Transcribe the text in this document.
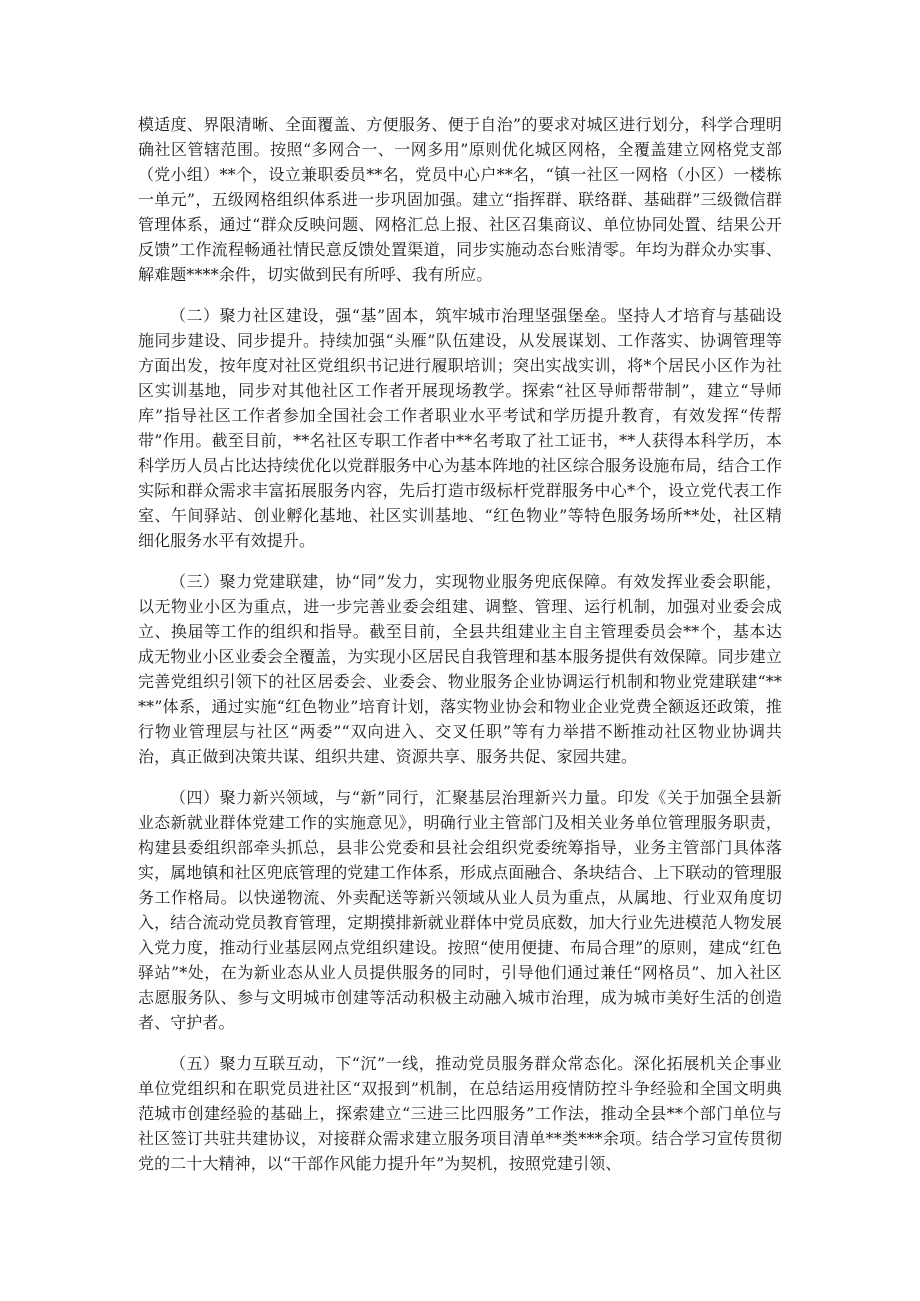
模适度、界限清晰、全面覆盖、方便服务、便于自治”的要求对城区进行划分，科学合理明确社区管辖范围。按照“多网合一、一网多用”原则优化城区网格，全覆盖建立网格党支部（党小组）**个，设立兼职委员**名，党员中心户**名，“镇一社区一网格（小区）一楼栋一单元”，五级网格组织体系进一步巩固加强。建立“指挥群、联络群、基础群”三级微信群管理体系，通过“群众反映问题、网格汇总上报、社区召集商议、单位协同处置、结果公开反馈”工作流程畅通社情民意反馈处置渠道，同步实施动态台账清零。年均为群众办实事、解难题****余件，切实做到民有所呼、我有所应。

（二）聚力社区建设，强“基”固本，筑牢城市治理坚强堡垒。坚持人才培育与基础设施同步建设、同步提升。持续加强“头雁”队伍建设，从发展谋划、工作落实、协调管理等方面出发，按年度对社区党组织书记进行履职培训；突出实战实训，将*个居民小区作为社区实训基地，同步对其他社区工作者开展现场教学。探索“社区导师帮带制”，建立“导师库”指导社区工作者参加全国社会工作者职业水平考试和学历提升教育，有效发挥“传帮带”作用。截至目前，**名社区专职工作者中**名考取了社工证书，**人获得本科学历，本科学历人员占比达持续优化以党群服务中心为基本阵地的社区综合服务设施布局，结合工作实际和群众需求丰富拓展服务内容，先后打造市级标杆党群服务中心*个，设立党代表工作室、午间驿站、创业孵化基地、社区实训基地、“红色物业”等特色服务场所**处，社区精细化服务水平有效提升。

（三）聚力党建联建，协“同”发力，实现物业服务兜底保障。有效发挥业委会职能，以无物业小区为重点，进一步完善业委会组建、调整、管理、运行机制，加强对业委会成立、换届等工作的组织和指导。截至目前，全县共组建业主自主管理委员会**个，基本达成无物业小区业委会全覆盖，为实现小区居民自我管理和基本服务提供有效保障。同步建立完善党组织引领下的社区居委会、业委会、物业服务企业协调运行机制和物业党建联建“****”体系，通过实施“红色物业”培育计划，落实物业协会和物业企业党费全额返还政策，推行物业管理层与社区“两委”“双向进入、交叉任职”等有力举措不断推动社区物业协调共治，真正做到决策共谋、组织共建、资源共享、服务共促、家园共建。

（四）聚力新兴领域，与“新”同行，汇聚基层治理新兴力量。印发《关于加强全县新业态新就业群体党建工作的实施意见》，明确行业主管部门及相关业务单位管理服务职责，构建县委组织部牵头抓总，县非公党委和县社会组织党委统筹指导，业务主管部门具体落实，属地镇和社区兜底管理的党建工作体系，形成点面融合、条块结合、上下联动的管理服务工作格局。以快递物流、外卖配送等新兴领域从业人员为重点，从属地、行业双角度切入，结合流动党员教育管理，定期摸排新就业群体中党员底数，加大行业先进模范人物发展入党力度，推动行业基层网点党组织建设。按照“使用便捷、布局合理”的原则，建成“红色驿站”*处，在为新业态从业人员提供服务的同时，引导他们通过兼任“网格员”、加入社区志愿服务队、参与文明城市创建等活动积极主动融入城市治理，成为城市美好生活的创造者、守护者。

（五）聚力互联互动，下“沉”一线，推动党员服务群众常态化。深化拓展机关企事业单位党组织和在职党员进社区“双报到”机制，在总结运用疫情防控斗争经验和全国文明典范城市创建经验的基础上，探索建立“三进三比四服务”工作法，推动全县**个部门单位与社区签订共驻共建协议，对接群众需求建立服务项目清单**类***余项。结合学习宣传贯彻党的二十大精神，以“干部作风能力提升年”为契机，按照党建引领、
